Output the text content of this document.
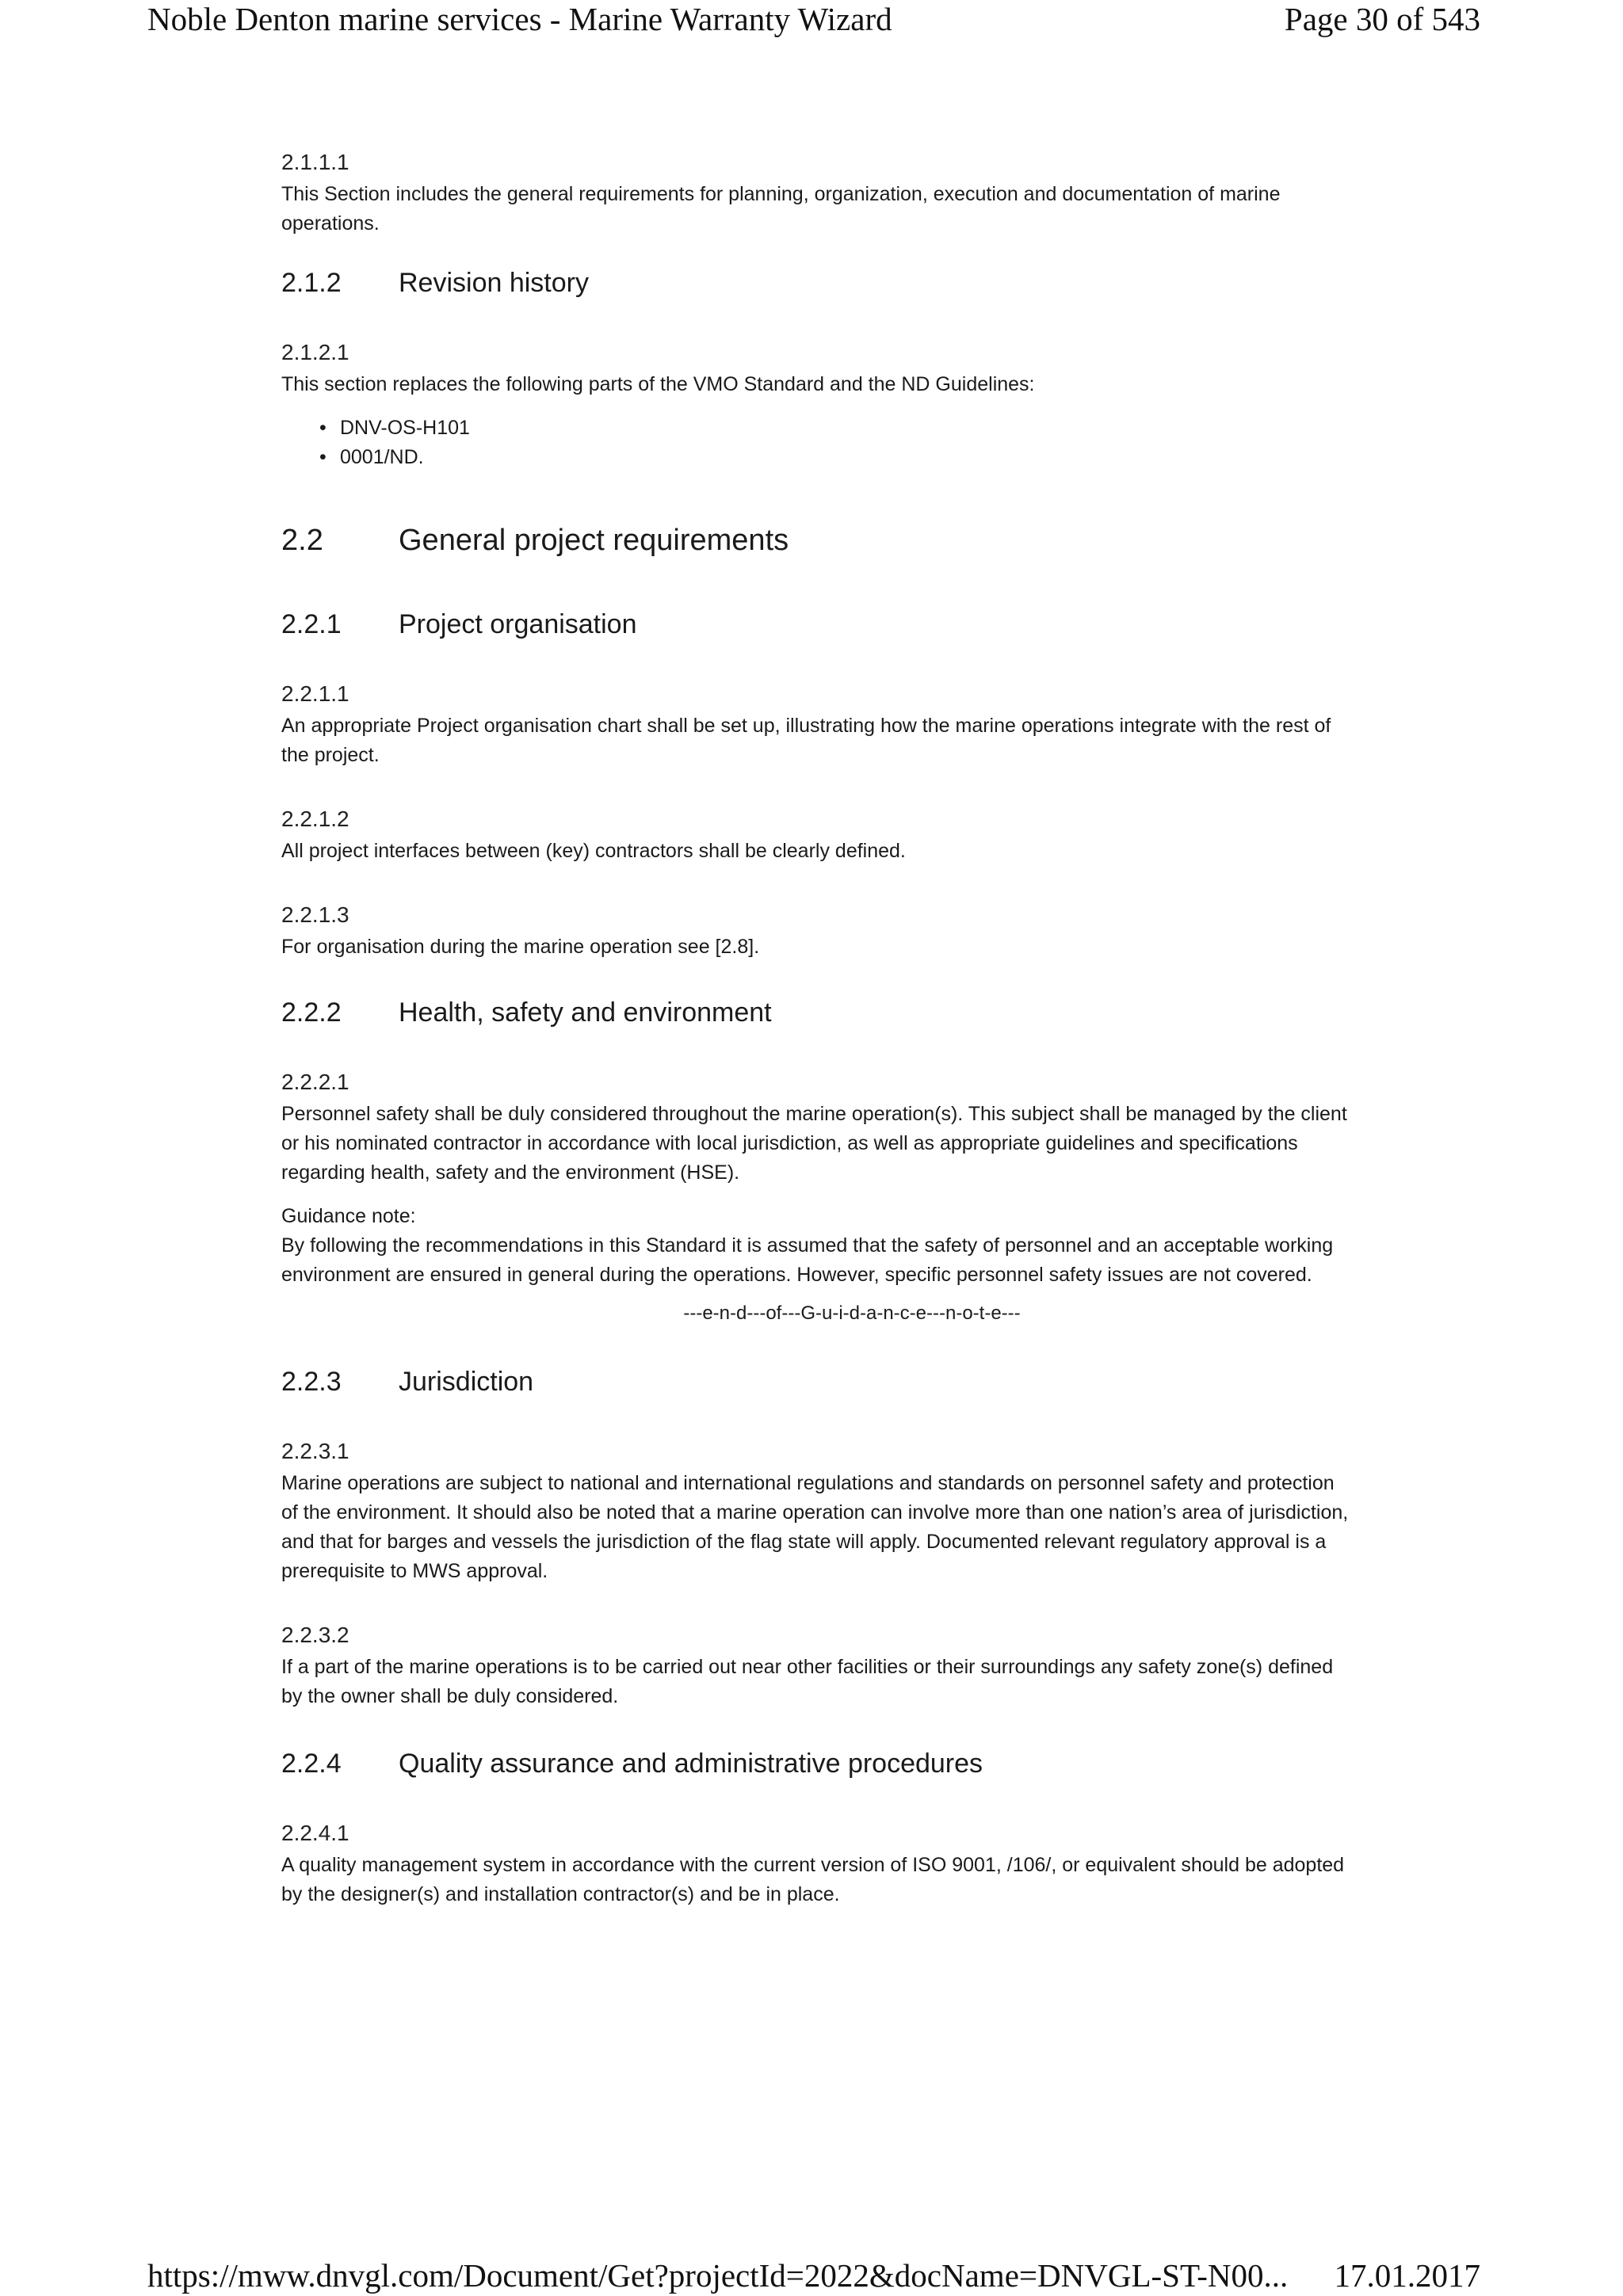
Noble Denton marine services - Marine Warranty Wizard	Page 30 of 543

2.1.1.1

This Section includes the general requirements for planning, organization, execution and documentation of marine operations.

2.1.2	Revision history

2.1.2.1

This section replaces the following parts of the VMO Standard and the ND Guidelines:

• DNV-OS-H101
• 0001/ND.
2.2	General project requirements
2.2.1	Project organisation

2.2.1.1

An appropriate Project organisation chart shall be set up, illustrating how the marine operations integrate with the rest of the project.

2.2.1.2

All project interfaces between (key) contractors shall be clearly defined.

2.2.1.3

For organisation during the marine operation see [2.8].

2.2.2	Health, safety and environment

2.2.2.1

Personnel safety shall be duly considered throughout the marine operation(s). This subject shall be managed by the client or his nominated contractor in accordance with local jurisdiction, as well as appropriate guidelines and specifications regarding health, safety and the environment (HSE).

Guidance note:

By following the recommendations in this Standard it is assumed that the safety of personnel and an acceptable working environment are ensured in general during the operations. However, specific personnel safety issues are not covered.

---e-n-d---of---G-u-i-d-a-n-c-e---n-o-t-e---

2.2.3	Jurisdiction

2.2.3.1

Marine operations are subject to national and international regulations and standards on personnel safety and protection of the environment. It should also be noted that a marine operation can involve more than one nation’s area of jurisdiction, and that for barges and vessels the jurisdiction of the flag state will apply. Documented relevant regulatory approval is a prerequisite to MWS approval.

2.2.3.2

If a part of the marine operations is to be carried out near other facilities or their surroundings any safety zone(s) defined by the owner shall be duly considered.

2.2.4	Quality assurance and administrative procedures

2.2.4.1

A quality management system in accordance with the current version of ISO 9001, /106/, or equivalent should be adopted by the designer(s) and installation contractor(s) and be in place.

https://mww.dnvgl.com/Document/Get?projectId=2022&docName=DNVGL-ST-N00... 17.01.2017
